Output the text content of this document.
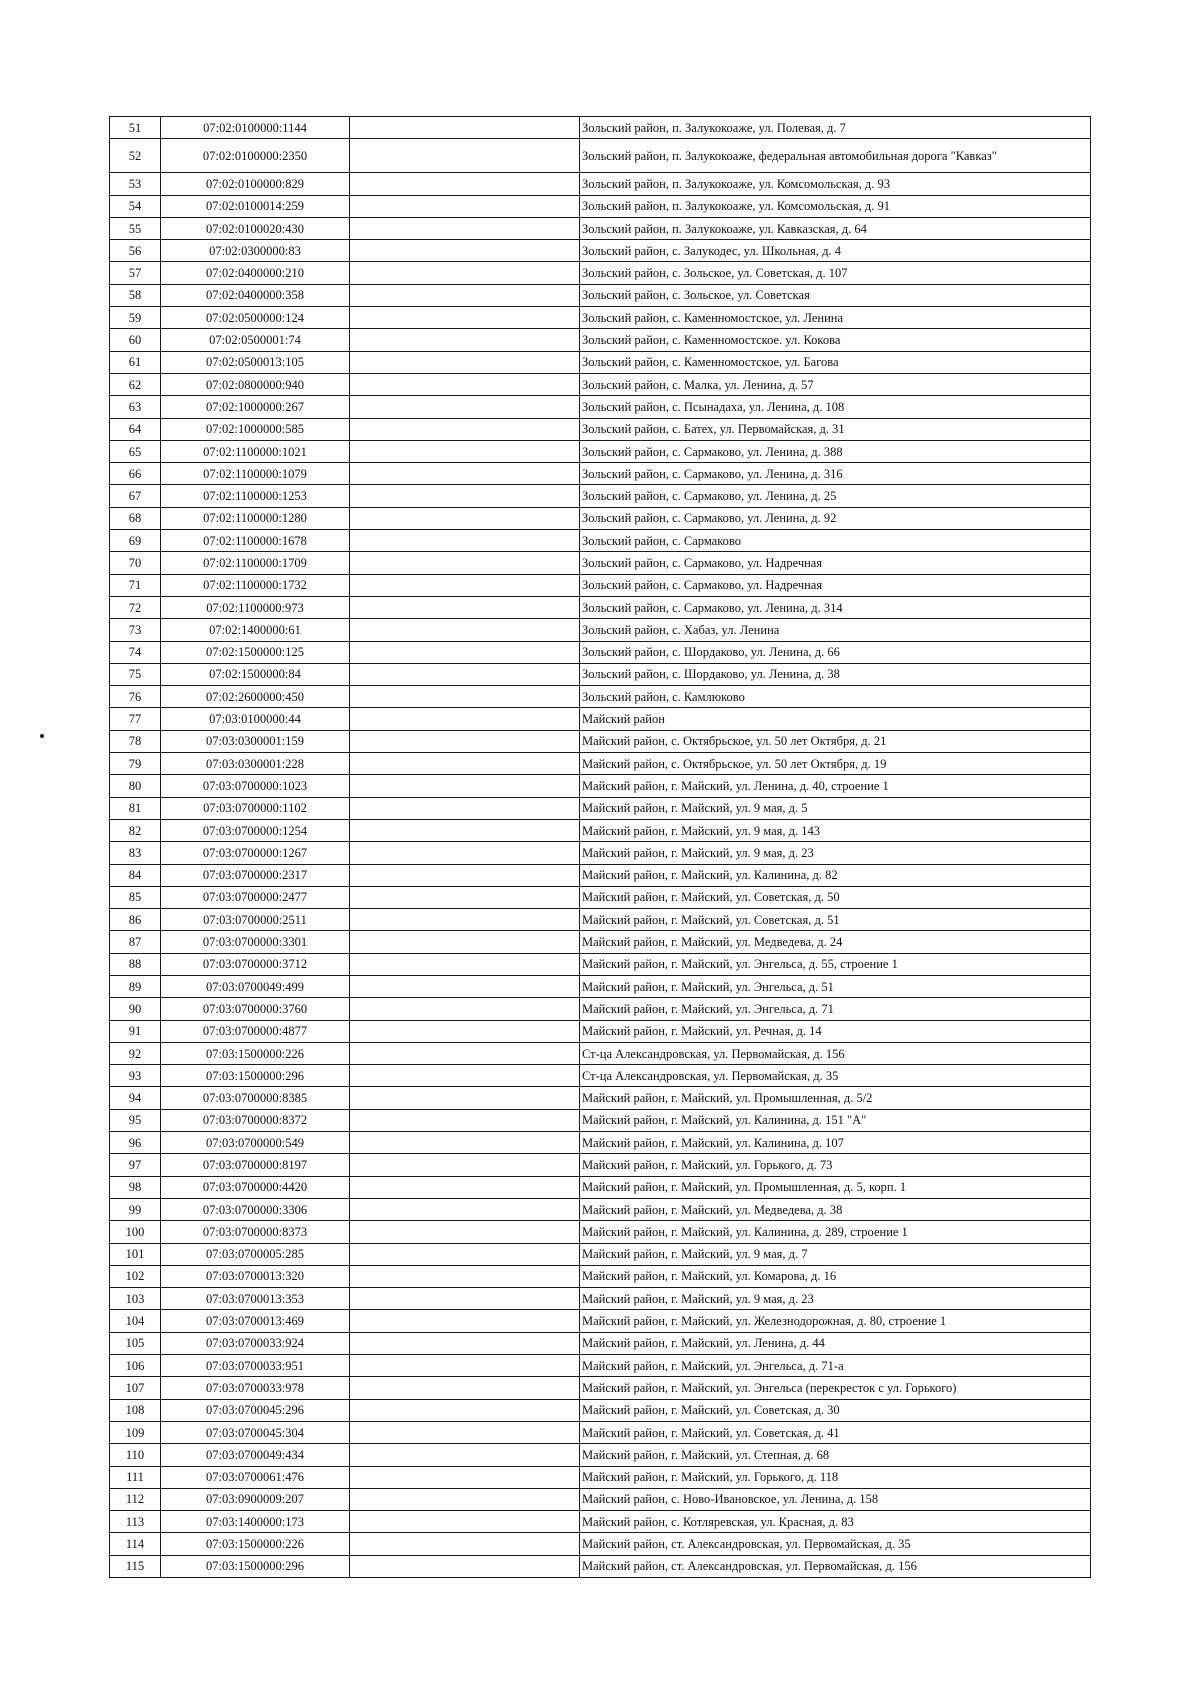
51	07:02:0100000:1144		Зольский район, п. Залукокоаже, ул. Полевая, д. 7
52	07:02:0100000:2350		Зольский район, п. Залукокоаже, федеральная автомобильная дорога "Кавказ"
53	07:02:0100000:829		Зольский район, п. Залукокоаже, ул. Комсомольская, д. 93
54	07:02:0100014:259		Зольский район, п. Залукокоаже, ул. Комсомольская, д. 91
55	07:02:0100020:430		Зольский район, п. Залукокоаже, ул. Кавказская, д. 64
56	07:02:0300000:83		Зольский район, с. Залукодес, ул. Школьная, д. 4
57	07:02:0400000:210		Зольский район, с. Зольское, ул. Советская, д. 107
58	07:02:0400000:358		Зольский район, с. Зольское, ул. Советская
59	07:02:0500000:124		Зольский район, с. Каменномостское, ул. Ленина
60	07:02:0500001:74		Зольский район, с. Каменномостское. ул. Кокова
61	07:02:0500013:105		Зольский район, с. Каменномостское, ул. Багова
62	07:02:0800000:940		Зольский район, с. Малка, ул. Ленина, д. 57
63	07:02:1000000:267		Зольский район, с. Псынадаха, ул. Ленина, д. 108
64	07:02:1000000:585		Зольский район, с. Батех, ул. Первомайская, д. 31
65	07:02:1100000:1021		Зольский район, с. Сармаково, ул. Ленина, д. 388
66	07:02:1100000:1079		Зольский район, с. Сармаково, ул. Ленина, д. 316
67	07:02:1100000:1253		Зольский район, с. Сармаково, ул. Ленина, д. 25
68	07:02:1100000:1280		Зольский район, с. Сармаково, ул. Ленина, д. 92
69	07:02:1100000:1678		Зольский район, с. Сармаково
70	07:02:1100000:1709		Зольский район, с. Сармаково, ул. Надречная
71	07:02:1100000:1732		Зольский район, с. Сармаково, ул. Надречная
72	07:02:1100000:973		Зольский район, с. Сармаково, ул. Ленина, д. 314
73	07:02:1400000:61		Зольский район, с. Хабаз, ул. Ленина
74	07:02:1500000:125		Зольский район, с. Шордаково, ул. Ленина, д. 66
75	07:02:1500000:84		Зольский район, с. Шордаково, ул. Ленина, д. 38
76	07:02:2600000:450		Зольский район, с. Камлюково
77	07:03:0100000:44		Майский район
78	07:03:0300001:159		Майский район, с. Октябрьское, ул. 50 лет Октября, д. 21
79	07:03:0300001:228		Майский район, с. Октябрьское, ул. 50 лет Октября, д. 19
80	07:03:0700000:1023		Майский район, г. Майский, ул. Ленина, д. 40, строение 1
81	07:03:0700000:1102		Майский район, г. Майский, ул. 9 мая, д. 5
82	07:03:0700000:1254		Майский район, г. Майский, ул. 9 мая, д. 143
83	07:03:0700000:1267		Майский район, г. Майский, ул. 9 мая, д. 23
84	07:03:0700000:2317		Майский район, г. Майский, ул. Калинина, д. 82
85	07:03:0700000:2477		Майский район, г. Майский, ул. Советская, д. 50
86	07:03:0700000:2511		Майский район, г. Майский, ул. Советская, д. 51
87	07:03:0700000:3301		Майский район, г. Майский, ул. Медведева, д. 24
88	07:03:0700000:3712		Майский район, г. Майский, ул. Энгельса, д. 55, строение 1
89	07:03:0700049:499		Майский район, г. Майский, ул. Энгельса, д. 51
90	07:03:0700000:3760		Майский район, г. Майский, ул. Энгельса, д. 71
91	07:03:0700000:4877		Майский район, г. Майский, ул. Речная, д. 14
92	07:03:1500000:226		Ст-ца Александровская, ул. Первомайская, д. 156
93	07:03:1500000:296		Ст-ца Александровская, ул. Первомайская, д. 35
94	07:03:0700000:8385		Майский район, г. Майский, ул. Промышленная, д. 5/2
95	07:03:0700000:8372		Майский район, г. Майский, ул. Калинина, д. 151 "А"
96	07:03:0700000:549		Майский район, г. Майский, ул. Калинина, д. 107
97	07:03:0700000:8197		Майский район, г. Майский, ул. Горького, д. 73
98	07:03:0700000:4420		Майский район, г. Майский, ул. Промышленная, д. 5, корп. 1
99	07:03:0700000:3306		Майский район, г. Майский, ул. Медведева, д. 38
100	07:03:0700000:8373		Майский район, г. Майский, ул. Калинина, д. 289, строение 1
101	07:03:0700005:285		Майский район, г. Майский, ул. 9 мая, д. 7
102	07:03:0700013:320		Майский район, г. Майский, ул. Комарова, д. 16
103	07:03:0700013:353		Майский район, г. Майский, ул. 9 мая, д. 23
104	07:03:0700013:469		Майский район, г. Майский, ул. Железнодорожная, д. 80, строение 1
105	07:03:0700033:924		Майский район, г. Майский, ул. Ленина, д. 44
106	07:03:0700033:951		Майский район, г. Майский, ул. Энгельса, д. 71-а
107	07:03:0700033:978		Майский район, г. Майский, ул. Энгельса (перекресток с ул. Горького)
108	07:03:0700045:296		Майский район, г. Майский, ул. Советская, д. 30
109	07:03:0700045:304		Майский район, г. Майский, ул. Советская, д. 41
110	07:03:0700049:434		Майский район, г. Майский, ул. Степная, д. 68
111	07:03:0700061:476		Майский район, г. Майский, ул. Горького, д. 118
112	07:03:0900009:207		Майский район, с. Ново-Ивановское, ул. Ленина, д. 158
113	07:03:1400000:173		Майский район, с. Котляревская, ул. Красная, д. 83
114	07:03:1500000:226		Майский район, ст. Александровская, ул. Первомайская, д. 35
115	07:03:1500000:296		Майский район, ст. Александровская, ул. Первомайская, д. 156
